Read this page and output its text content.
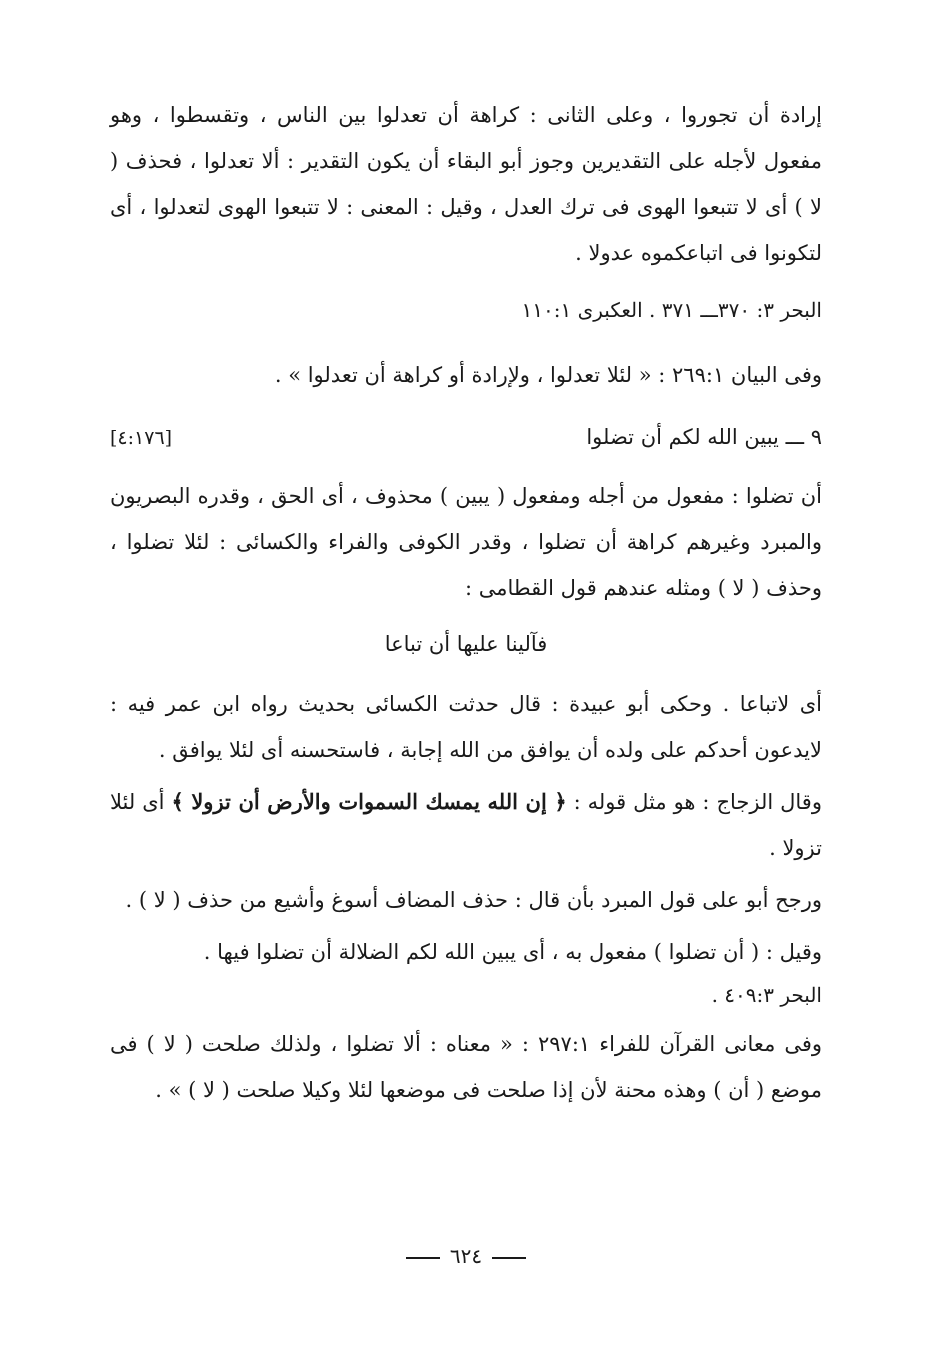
إرادة أن تجوروا ، وعلى الثانى : كراهة أن تعدلوا بين الناس ، وتقسطوا ، وهو مفعول لأجله على التقديرين وجوز أبو البقاء أن يكون التقدير : ألا تعدلوا ، فحذف ( لا ) أى لا تتبعوا الهوى فى ترك العدل ، وقيل : المعنى : لا تتبعوا الهوى لتعدلوا ، أى لتكونوا فى اتباعكموه عدولا .

البحر ٣: ٣٧٠ـــ ٣٧١ . العكبرى ١١٠:١

وفى البيان ٢٦٩:١ : « لئلا تعدلوا ، ولإرادة أو كراهة أن تعدلوا » .

٩ ـــ يبين الله لكم أن تضلوا
[٤:١٧٦]

أن تضلوا : مفعول من أجله ومفعول ( يبين ) محذوف ، أى الحق ، وقدره البصريون والمبرد وغيرهم كراهة أن تضلوا ، وقدر الكوفى والفراء والكسائى : لئلا تضلوا ، وحذف ( لا ) ومثله عندهم قول القطامى :

فآلينا عليها أن تباعا

أى لاتباعا . وحكى أبو عبيدة : قال حدثت الكسائى بحديث رواه ابن عمر فيه : لايدعون أحدكم على ولده أن يوافق من الله إجابة ، فاستحسنه أى لئلا يوافق .

وقال الزجاج : هو مثل قوله : ﴿ إن الله يمسك السموات والأرض أن تزولا ﴾ أى لئلا تزولا .

ورجح أبو على قول المبرد بأن قال : حذف المضاف أسوغ وأشيع من حذف ( لا ) .

وقيل : ( أن تضلوا ) مفعول به ، أى يبين الله لكم الضلالة أن تضلوا فيها .

البحر ٤٠٩:٣ .

وفى معانى القرآن للفراء ٢٩٧:١ : « معناه : ألا تضلوا ، ولذلك صلحت ( لا ) فى موضع ( أن ) وهذه محنة لأن إذا صلحت فى موضعها لئلا وكيلا صلحت ( لا ) » .

٦٢٤
